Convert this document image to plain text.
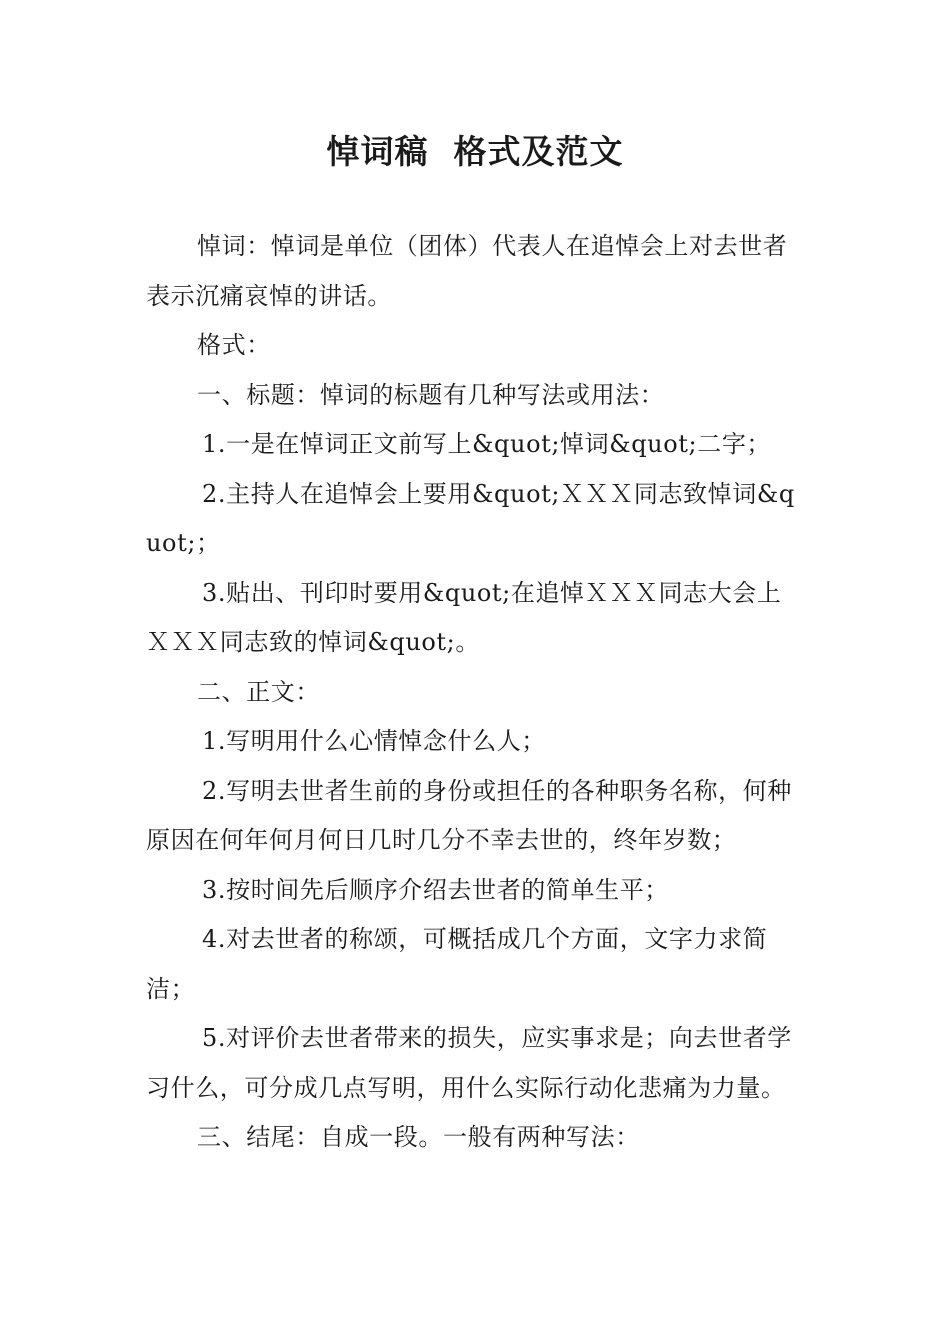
悼词稿  格式及范文

悼词：悼词是单位（团体）代表人在追悼会上对去世者表示沉痛哀悼的讲话。

格式：

一、标题：悼词的标题有几种写法或用法：

1.一是在悼词正文前写上&quot;悼词&quot;二字；

2.主持人在追悼会上要用&quot;ＸＸＸ同志致悼词&quot;；

3.贴出、刊印时要用&quot;在追悼ＸＸＸ同志大会上ＸＸＸ同志致的悼词&quot;。

二、正文：

1.写明用什么心情悼念什么人；

2.写明去世者生前的身份或担任的各种职务名称，何种原因在何年何月何日几时几分不幸去世的，终年岁数；

3.按时间先后顺序介绍去世者的简单生平；

4.对去世者的称颂，可概括成几个方面，文字力求简洁；

5.对评价去世者带来的损失，应实事求是；向去世者学习什么，可分成几点写明，用什么实际行动化悲痛为力量。

三、结尾：自成一段。一般有两种写法：
